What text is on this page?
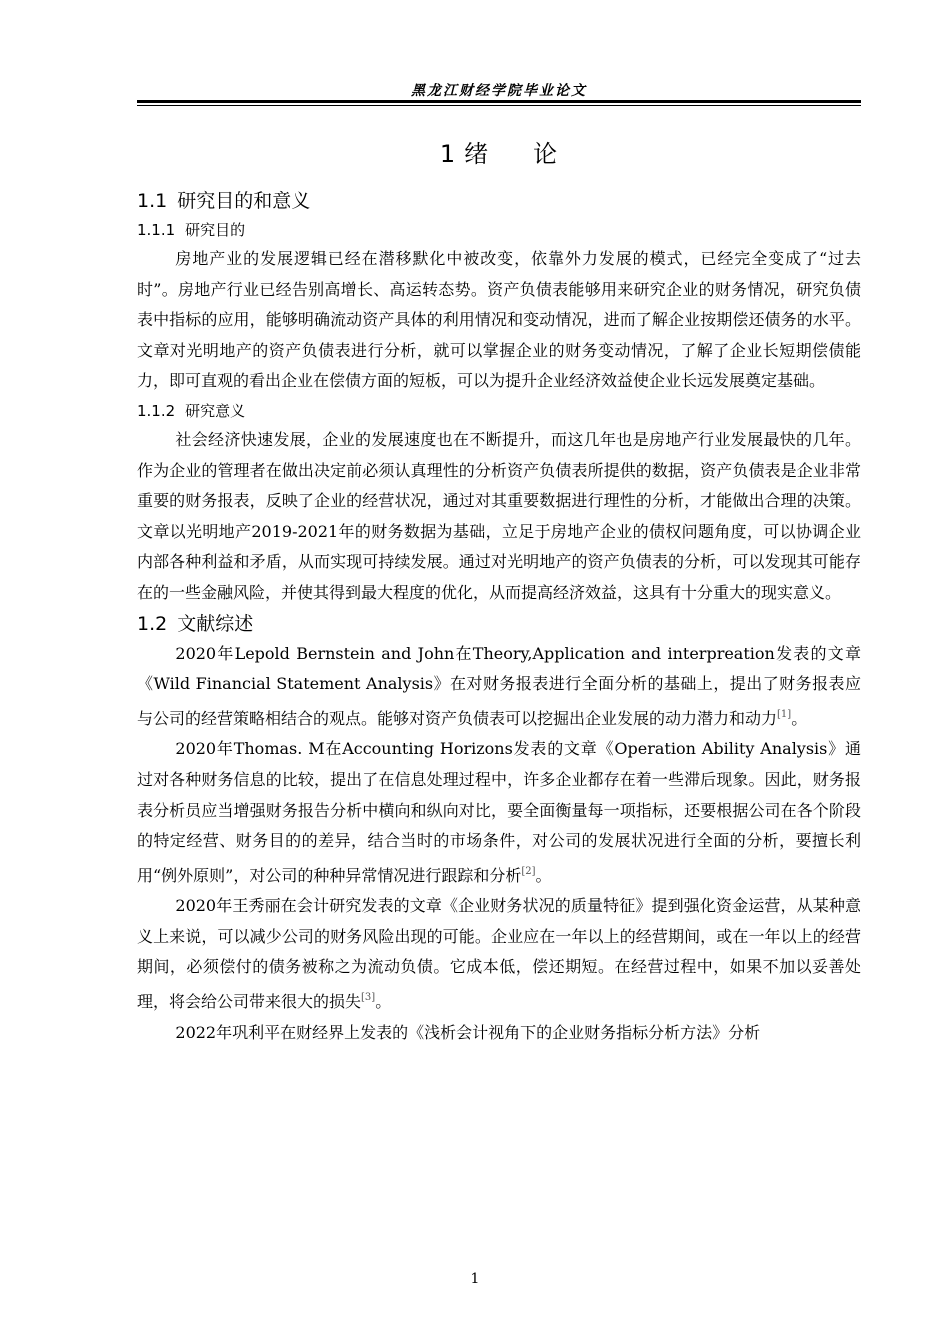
黑龙江财经学院毕业论文
1 绪 论
1.1 研究目的和意义
1.1.1 研究目的

房地产业的发展逻辑已经在潜移默化中被改变，依靠外力发展的模式，已经完全变成了“过去时”。房地产行业已经告别高增长、高运转态势。资产负债表能够用来研究企业的财务情况，研究负债表中指标的应用，能够明确流动资产具体的利用情况和变动情况，进而了解企业按期偿还债务的水平。文章对光明地产的资产负债表进行分析，就可以掌握企业的财务变动情况，了解了企业长短期偿债能力，即可直观的看出企业在偿债方面的短板，可以为提升企业经济效益使企业长远发展奠定基础。

1.1.2 研究意义

社会经济快速发展，企业的发展速度也在不断提升，而这几年也是房地产行业发展最快的几年。作为企业的管理者在做出决定前必须认真理性的分析资产负债表所提供的数据，资产负债表是企业非常重要的财务报表，反映了企业的经营状况，通过对其重要数据进行理性的分析，才能做出合理的决策。文章以光明地产2019-2021年的财务数据为基础，立足于房地产企业的债权问题角度，可以协调企业内部各种利益和矛盾，从而实现可持续发展。通过对光明地产的资产负债表的分析，可以发现其可能存在的一些金融风险，并使其得到最大程度的优化，从而提高经济效益，这具有十分重大的现实意义。

1.2 文献综述

2020年Lepold Bernstein and John在Theory,Application and interpreation发表的文章《Wild Financial Statement Analysis》在对财务报表进行全面分析的基础上，提出了财务报表应与公司的经营策略相结合的观点。能够对资产负债表可以挖掘出企业发展的动力潜力和动力[1]。

2020年Thomas. M在Accounting Horizons发表的文章《Operation Ability Analysis》通过对各种财务信息的比较，提出了在信息处理过程中，许多企业都存在着一些滞后现象。因此，财务报表分析员应当增强财务报告分析中横向和纵向对比，要全面衡量每一项指标，还要根据公司在各个阶段的特定经营、财务目的的差异，结合当时的市场条件，对公司的发展状况进行全面的分析，要擅长利用“例外原则”，对公司的种种异常情况进行跟踪和分析[2]。

2020年王秀丽在会计研究发表的文章《企业财务状况的质量特征》提到强化资金运营，从某种意义上来说，可以减少公司的财务风险出现的可能。企业应在一年以上的经营期间，或在一年以上的经营期间，必须偿付的债务被称之为流动负债。它成本低，偿还期短。在经营过程中，如果不加以妥善处理，将会给公司带来很大的损失[3]。

2022年巩利平在财经界上发表的《浅析会计视角下的企业财务指标分析方法》分析

1
